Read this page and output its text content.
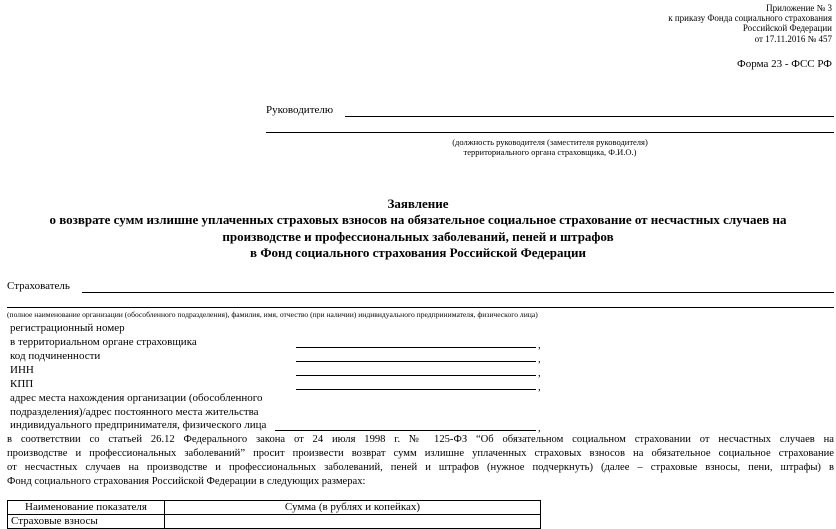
Приложение № 3
к приказу Фонда социального страхования
Российской Федерации
от 17.11.2016 № 457
Форма 23 - ФСС РФ
Руководителю
(должность руководителя (заместителя руководителя)
территориального органа страховщика, Ф.И.О.)
Заявление
о возврате сумм излишне уплаченных страховых взносов на обязательное социальное страхование от несчастных случаев на
производстве и профессиональных заболеваний, пеней и штрафов
в Фонд социального страхования Российской Федерации
Страхователь
(полное наименование организации (обособленного подразделения), фамилия, имя, отчество (при наличии) индивидуального предпринимателя, физического лица)
регистрационный номер
в территориальном органе страховщика	,
код подчиненности	,
ИНН	,
КПП	,
адрес места нахождения организации (обособленного
подразделения)/адрес постоянного места жительства
индивидуального предпринимателя, физического лица	,
в соответствии со статьей 26.12 Федерального закона от 24 июля 1998 г. № 125-ФЗ “Об обязательном социальном страховании от несчастных случаев на
производстве и профессиональных заболеваний” просит произвести возврат сумм излишне уплаченных страховых взносов на обязательное социальное страхование
от несчастных случаев на производстве и профессиональных заболеваний, пеней и штрафов (нужное подчеркнуть) (далее – страховые взносы, пени, штрафы) в
Фонд социального страхования Российской Федерации в следующих размерах:
Наименование показателя	Сумма (в рублях и копейках)
Страховые взносы	
